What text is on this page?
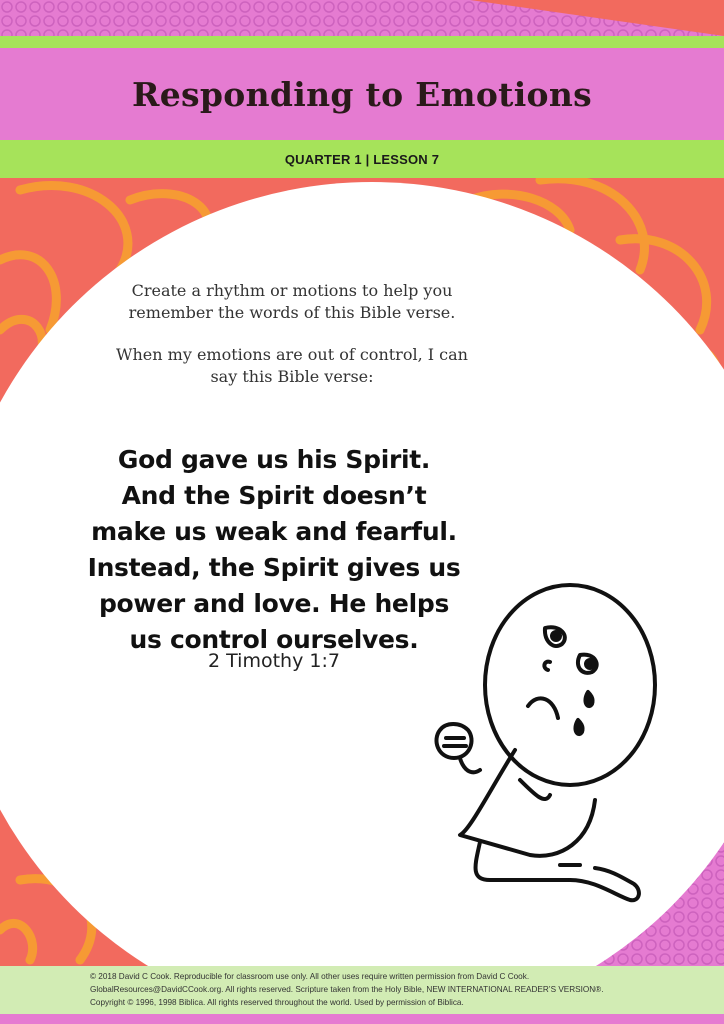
Responding to Emotions
QUARTER 1 | LESSON 7

Create a rhythm or motions to help you
remember the words of this Bible verse.

When my emotions are out of control, I can
say this Bible verse:

God gave us his Spirit.
And the Spirit doesn’t
make us weak and fearful.
Instead, the Spirit gives us
power and love. He helps
us control ourselves.

2 Timothy 1:7

© 2018 David C Cook. Reproducible for classroom use only. All other uses require written permission from David C Cook.

GlobalResources@DavidCCook.org. All rights reserved. Scripture taken from the Holy Bible, NEW INTERNATIONAL READER’S VERSION®.

Copyright © 1996, 1998 Biblica. All rights reserved throughout the world. Used by permission of Biblica.
